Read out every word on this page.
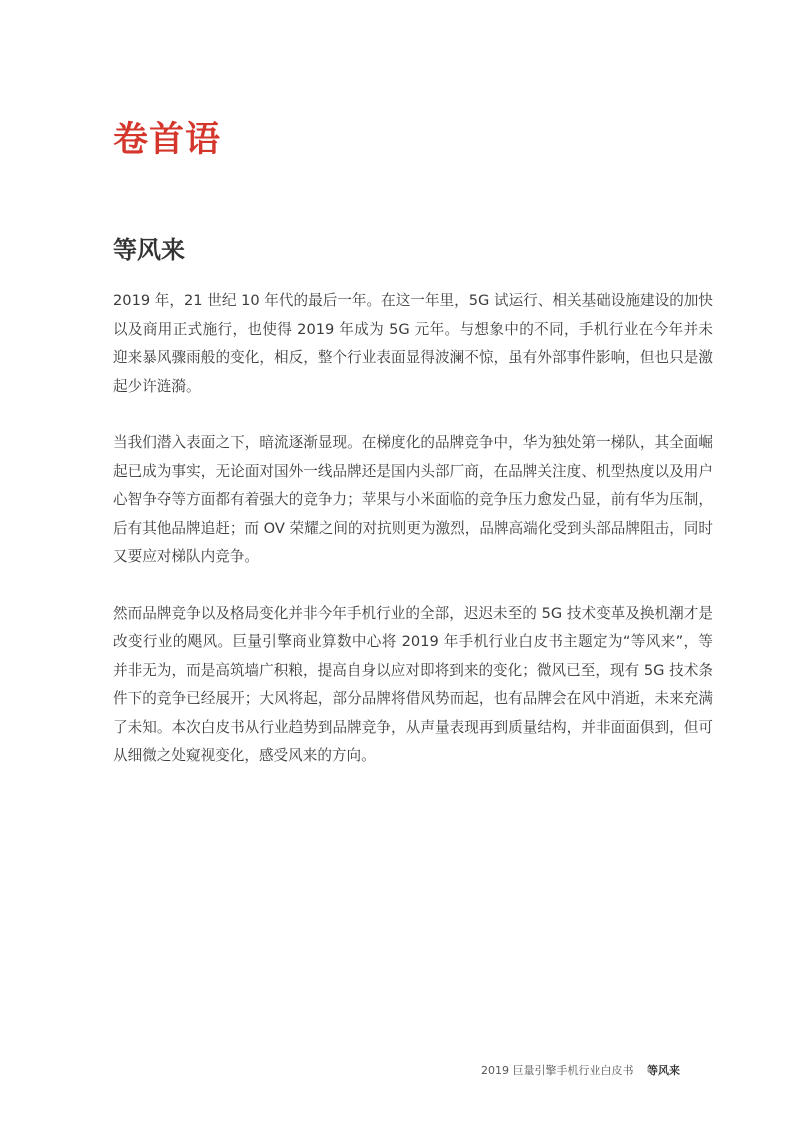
卷首语
等风来
baogao8.com

2019 年，21 世纪 10 年代的最后一年。在这一年里，5G 试运行、相关基础设施建设的加快以及商用正式施行，也使得 2019 年成为 5G 元年。与想象中的不同，手机行业在今年并未迎来暴风骤雨般的变化，相反，整个行业表面显得波澜不惊，虽有外部事件影响，但也只是激起少许涟漪。

当我们潜入表面之下，暗流逐渐显现。在梯度化的品牌竞争中，华为独处第一梯队，其全面崛起已成为事实，无论面对国外一线品牌还是国内头部厂商，在品牌关注度、机型热度以及用户心智争夺等方面都有着强大的竞争力；苹果与小米面临的竞争压力愈发凸显，前有华为压制，后有其他品牌追赶；而 OV 荣耀之间的对抗则更为激烈，品牌高端化受到头部品牌阻击，同时又要应对梯队内竞争。

然而品牌竞争以及格局变化并非今年手机行业的全部，迟迟未至的 5G 技术变革及换机潮才是改变行业的飓风。巨量引擎商业算数中心将 2019 年手机行业白皮书主题定为“等风来”，等并非无为，而是高筑墙广积粮，提高自身以应对即将到来的变化；微风已至，现有 5G 技术条件下的竞争已经展开；大风将起，部分品牌将借风势而起，也有品牌会在风中消逝，未来充满了未知。本次白皮书从行业趋势到品牌竞争，从声量表现再到质量结构，并非面面俱到，但可从细微之处窥视变化，感受风来的方向。

2019 巨量引擎手机行业白皮书 等风来
